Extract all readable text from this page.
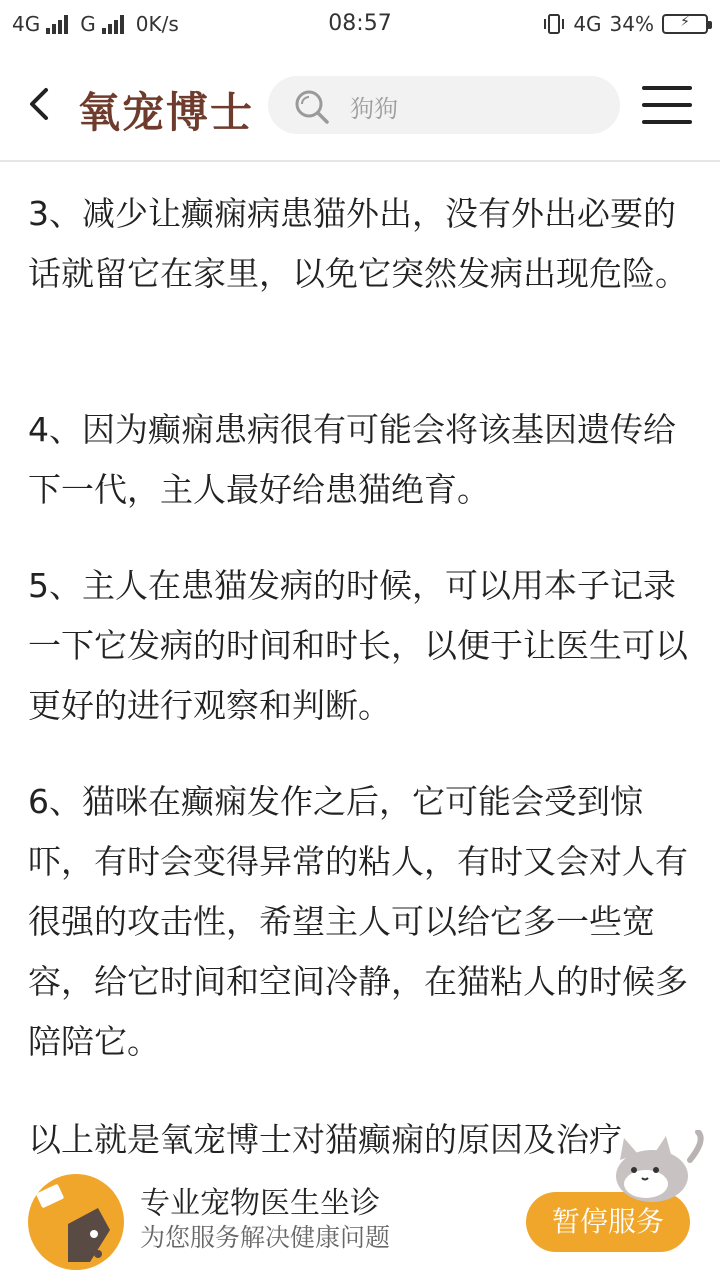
4G G 0K/s	08:57	4G 34%	⚡
氧宠博士	狗狗

3、减少让癫痫病患猫外出，没有外出必要的话就留它在家里，以免它突然发病出现危险。

4、因为癫痫患病很有可能会将该基因遗传给下一代，主人最好给患猫绝育。

5、主人在患猫发病的时候，可以用本子记录一下它发病的时间和时长，以便于让医生可以更好的进行观察和判断。

6、猫咪在癫痫发作之后，它可能会受到惊吓，有时会变得异常的粘人，有时又会对人有很强的攻击性，希望主人可以给它多一些宽容，给它时间和空间冷静，在猫粘人的时候多陪陪它。

以上就是氧宠博士对猫癫痫的原因及治疗

专业宠物医生坐诊
为您服务解决健康问题	暂停服务
